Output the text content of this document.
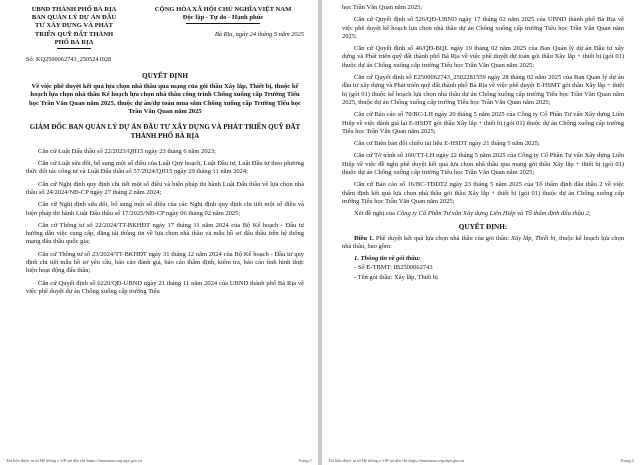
UBND THÀNH PHỐ BÀ RỊA
BAN QUẢN LÝ DỰ ÁN ĐẦU
TƯ XÂY DỰNG VÀ PHÁT
TRIỂN QUỸ ĐẤT THÀNH
PHỐ BÀ RỊA
CỘNG HÒA XÃ HỘI CHỦ NGHĨA VIỆT NAM
Độc lập - Tự do - Hạnh phúc
Bà Rịa, ngày 24 tháng 5 năm 2025
Số: KQ2500062743_2505241028
QUYẾT ĐỊNH
Về việc phê duyệt kết quả lựa chọn nhà thầu qua mạng của gói thầu Xây lắp, Thiết bị, thuộc kế hoạch lựa chọn nhà thầu Kế hoạch lựa chọn nhà thầu công trình Chống xuống cấp Trường Tiểu học Trần Văn Quan năm 2025, thuộc dự án/dự toán mua sắm Chống xuống cấp Trường Tiểu học Trần Văn Quan năm 2025
GIÁM ĐỐC BAN QUẢN LÝ DỰ ÁN ĐẦU TƯ XÂY DỰNG VÀ PHÁT TRIỂN QUỸ ĐẤT THÀNH PHỐ BÀ RỊA

Căn cứ Luật Đấu thầu số 22/2023/QH15 ngày 23 tháng 6 năm 2023;

Căn cứ Luật sửa đổi, bổ sung một số điều của Luật Quy hoạch, Luật Đầu tư, Luật Đầu tư theo phương thức đối tác công tư và Luật Đấu thầu số 57/2024/QH15 ngày 29 tháng 11 năm 2024;

Căn cứ Nghị định quy định chi tiết một số điều và biện pháp thi hành Luật Đấu thầu về lựa chọn nhà thầu số 24/2024/NĐ-CP ngày 27 tháng 2 năm 2024;

Căn cứ Nghị định sửa đổi, bổ sung một số điều của các Nghị định quy định chi tiết một số điều và biện pháp thi hành Luật Đấu thầu số 17/2025/NĐ-CP ngày 06 tháng 02 năm 2025;

Căn cứ Thông tư số 22/2024/TT-BKHĐT ngày 17 tháng 11 năm 2024 của Bộ Kế hoạch - Đầu tư hướng dẫn việc cung cấp, đăng tải thông tin về lựa chọn nhà thầu và mẫu hồ sơ đấu thầu trên hệ thống mạng đấu thầu quốc gia;

Căn cứ Thông tư số 23/2024/TT-BKHĐT ngày 31 tháng 12 năm 2024 của Bộ Kế hoạch - Đầu tư quy định chi tiết mẫu hồ sơ yêu cầu, báo cáo đánh giá, báo cáo thẩm định, kiểm tra, báo cáo tình hình thực hiện hoạt động đấu thầu;

Căn cứ Quyết định số 6220/QĐ-UBND ngày 21 tháng 11 năm 2024 của UBND thành phố Bà Rịa về việc phê duyệt dự án Chống xuống cấp trường Tiểu

Tài liệu được in từ Hệ thống e-GP tại địa chỉ https://muasamcong.mpi.gov.vn	Trang 1

học Trần Văn Quan năm 2025;

Căn cứ Quyết định số 526/QĐ-UBND ngày 17 tháng 02 năm 2025 của UBND thành phố Bà Rịa về việc phê duyệt kế hoạch lựa chọn nhà thầu dự án Chống xuống cấp trường Tiểu học Trần Văn Quan năm 2025;

Căn cứ Quyết định số 46/QĐ-BQL ngày 19 tháng 02 năm 2025 của Ban Quản lý dự án Đầu tư xây dựng và Phát triển quỹ đất thành phố Bà Rịa về việc phê duyệt dự toán gói thầu Xây lắp + thiết bị (gói 01) thuộc dự án Chống xuống cấp trường Tiểu học Trần Văn Quan năm 2025;

Căn cứ Quyết định số E2500062743_2502281559 ngày 28 tháng 02 năm 2025 của Ban Quản lý dự án đầu tư xây dựng và Phát triển quỹ đất thành phố Bà Rịa về việc phê duyệt E-HSMT gói thầu Xây lắp + thiết bị (gói 01) thuộc kế hoạch lựa chọn nhà thầu dự án Chống xuống cấp trường Tiểu học Trần Văn Quan năm 2025, thuộc dự án Chống xuống cấp trường Tiểu học Trần Văn Quan năm 2025;

Căn cứ Báo cáo số 70/BC-LH ngày 20 tháng 5 năm 2025 của Công ty Cổ Phần Tư vấn Xây dựng Liên Hiệp về việc đánh giá lại E-HSĐT gói thầu Xây lắp + thiết bị (gói 01) thuộc dự án Chống xuống cấp trường Tiểu học Trần Văn Quan năm 2025;

Căn cứ Biên bản đối chiếu tài liệu E-HSDT ngày 21 tháng 5 năm 2025;

Căn cứ Tờ trình số 160/TT-LH ngày 22 tháng 5 năm 2025 của Công ty Cổ Phần Tư vấn Xây dựng Liên Hiệp về việc đề nghị phê duyệt kết quả lựa chọn nhà thầu qua mạng gói thầu Xây lắp + thiết bị (gói 01) thuộc dự án Chống xuống cấp trường Tiểu học Trần Văn Quan năm 2025;

Căn cứ Báo cáo số 16/BC-TĐDT2 ngày 23 tháng 5 năm 2025 của Tổ thẩm định đấu thầu 2 về việc thẩm định kết quả lựa chọn nhà thầu gói thầu Xây lắp + thiết bị (gói 01) thuộc dự án Chống xuống cấp trường Tiểu học Trần Văn Quan năm 2025;

Xét đề nghị của Công ty Cổ Phần Tư vấn Xây dựng Liên Hiệp và Tổ thẩm định đấu thầu 2,

QUYẾT ĐỊNH:

Điều 1. Phê duyệt kết quả lựa chọn nhà thầu của gói thầu: Xây lắp, Thiết bị, thuộc kế hoạch lựa chọn nhà thầu, bao gồm:

1. Thông tin về gói thầu:

- Số E-TBMT: IB2500062743

- Tên gói thầu: Xây lắp, Thiết bị

Tài liệu được in từ Hệ thống e-GP tại địa chỉ https://muasamcong.mpi.gov.vn	Trang 2
